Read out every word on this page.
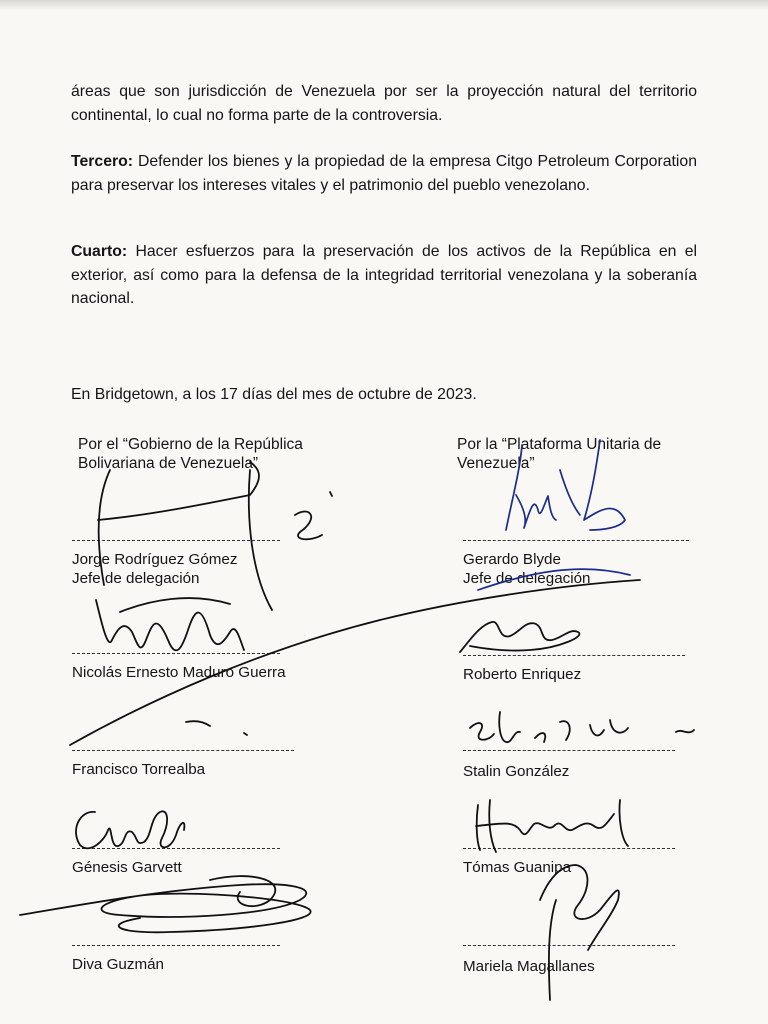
áreas que son jurisdicción de Venezuela por ser la proyección natural del territorio continental, lo cual no forma parte de la controversia.

Tercero: Defender los bienes y la propiedad de la empresa Citgo Petroleum Corporation para preservar los intereses vitales y el patrimonio del pueblo venezolano.

Cuarto: Hacer esfuerzos para la preservación de los activos de la República en el exterior, así como para la defensa de la integridad territorial venezolana y la soberanía nacional.

En Bridgetown, a los 17 días del mes de octubre de 2023.
Por el “Gobierno de la República
Bolivariana de Venezuela”
Por la “Plataforma Unitaria de
Venezuela”
Jorge Rodríguez Gómez
Jefe de delegación
Nicolás Ernesto Maduro Guerra
Francisco Torrealba
Génesis Garvett
Diva Guzmán
Gerardo Blyde
Jefe de delegación
Roberto Enriquez
Stalin González
Tómas Guanipa
Mariela Magallanes
